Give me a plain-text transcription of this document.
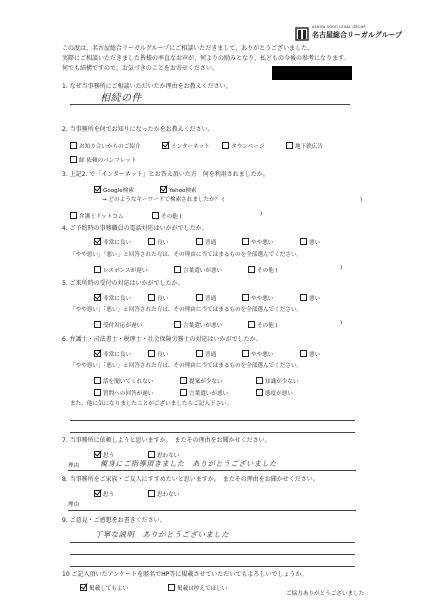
ASHIYA GOGO LEGAL GROUP
名古屋総合リーガルグループ
この度は、名古屋総合リーガルグループにご相談いただきまして、ありがとうございました。
実際にご相談いただきました皆様の率直なお声が、何よりの励みとなり、私どもの今後の参考になります。
何でも結構ですので、お気づきのことをお寄せください。
1. なぜ当事務所にご相談いただいたか理由をお教えください。
相続の件
2. 当事務所を何でお知りになったかをお教えください。
お知り合いからのご紹介	インターネット	タウンページ	地下鉄広告
師 依頼のパンフレット
3. 上記2. で「インターネット」とお答え頂いた方　何を利用されましたか。
Google検索	Yahoo検索
→ どのようなキーワードで検索されましたか？ (	)
弁護士ドットコム	その他 (	)
4. ご予約時の事務職員の電話対応はいかがでしたか。
非常に良い	良い	普通	やや悪い	悪い
「やや悪い」「悪い」と回答された方は、その理由に当てはまるものを全部選んでください。
レスポンスが遅い	言葉遣いが悪い	その他 (	)
5. ご来所時の受付の対応はいかがでしたか。
非常に良い	良い	普通	やや悪い	悪い
「やや悪い」「悪い」と回答された方は、その理由に当てはまるものを全部選んでください。
受付対応が遅い	言葉遣いが悪い	その他 (	)
6. 弁護士・司法書士・税理士・社会保険労務士の対応はいかがでしたか。
非常に良い	良い	普通	やや悪い	悪い
「やや悪い」「悪い」と回答された方は、その理由に当てはまるものを全部選んでください。
話を聞いてくれない	提案が少ない	知識が少ない
質問への回答が遅い	言葉遣いが悪い	態度が悪い
また、他に気になりましたことがございましたらご記入下さい。
7. 当事務所に依頼しようと思いますか。　またその理由をお聞かせください。
思う	思わない
理由	親身にご指導頂きました　ありがとうございました
8. 当事務所をご家族・ご友人にすすめたいと思いますか。　またその理由をお聞かせください。
思う	思わない
理由
9. ご意見・ご感想をお書きください。
丁寧な説明　ありがとうございました
10 ご記入頂いたアンケートを匿名でHP等に掲載させていただいてもよろしいでしょうか。
掲載してもよい	掲載は控えてほしい
ご協力ありがとうございました
